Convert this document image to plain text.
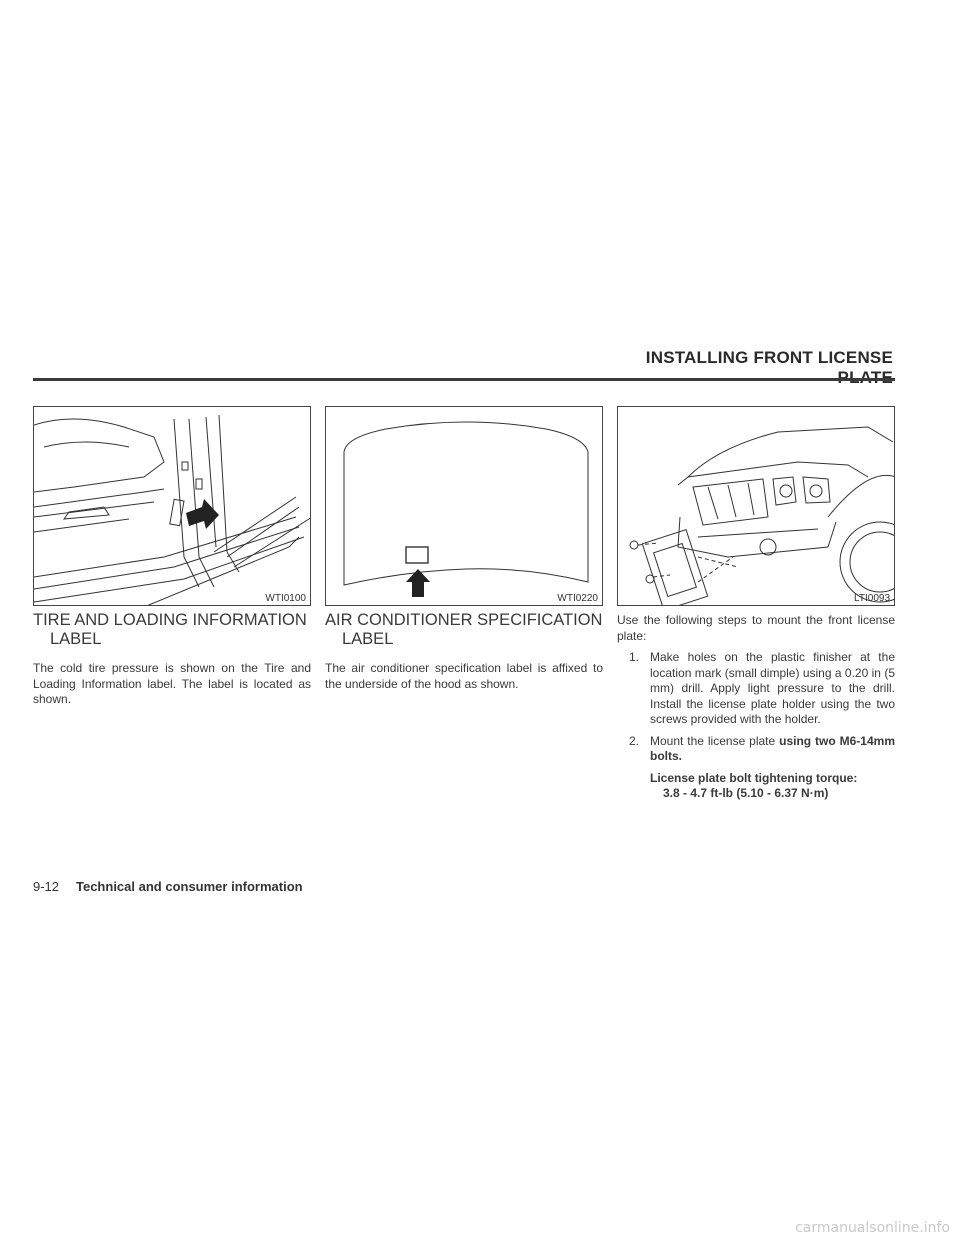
INSTALLING FRONT LICENSE
WTI0100	WTI0220	LTI0093
TIRE AND LOADING INFORMATION
LABEL

The cold tire pressure is shown on the Tire and Loading Information label. The label is located as shown.

AIR CONDITIONER SPECIFICATION
LABEL

The air conditioner specification label is affixed to the underside of the hood as shown.

Use the following steps to mount the front license plate:

1. Make holes on the plastic finisher at the location mark (small dimple) using a 0.20 in (5 mm) drill. Apply light pressure to the drill. Install the license plate holder using the two screws provided with the holder.
2. Mount the license plate using two M6-14mm bolts.
License plate bolt tightening torque:
3.8 - 4.7 ft-lb (5.10 - 6.37 N·m)
9-12 Technical and consumer information
carmanualsonline.info
